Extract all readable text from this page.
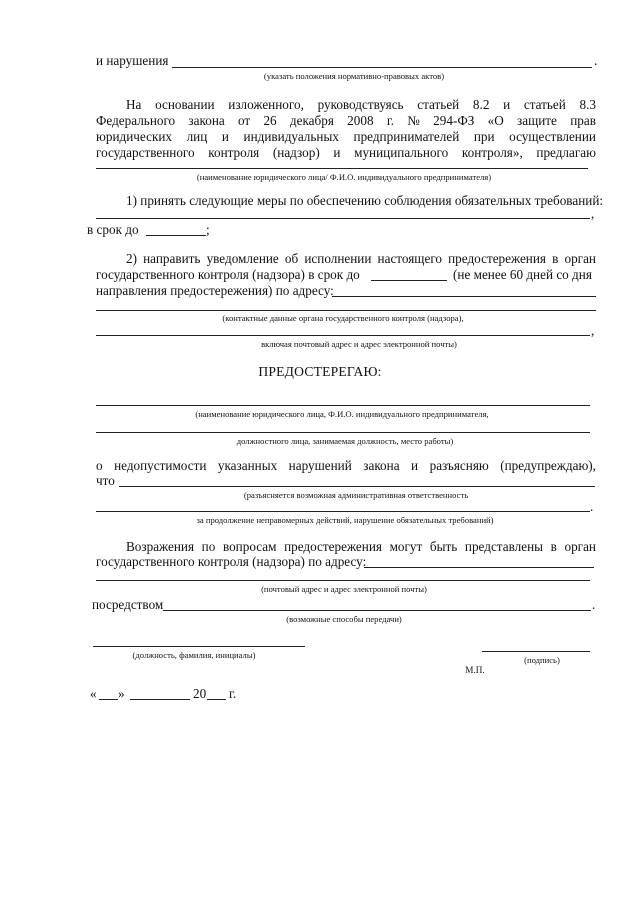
и нарушения	.
(указать положения нормативно-правовых актов)
На основании изложенного, руководствуясь статьей 8.2 и статьей 8.3
Федерального закона от 26 декабря 2008 г. № 294-ФЗ «О защите прав
юридических лиц и индивидуальных предпринимателей при осуществлении
государственного контроля (надзор) и муниципального контроля», предлагаю
(наименование юридического лица/ Ф.И.О. индивидуального предпринимателя)
1) принять следующие меры по обеспечению соблюдения обязательных требований:
,
в срок до	;
2) направить уведомление об исполнении настоящего предостережения в орган
государственного контроля (надзора) в срок до	(не менее 60 дней со дня
направления предостережения) по адресу:
(контактные данные органа государственного контроля (надзора),
,
включая почтовый адрес и адрес электронной почты)
ПРЕДОСТЕРЕГАЮ:
(наименование юридического лица, Ф.И.О. индивидуального предпринимателя,
должностного лица, занимаемая должность, место работы)
о недопустимости указанных нарушений закона и разъясняю (предупреждаю),
что
(разъясняется возможная административная ответственность
.
за продолжение неправомерных действий, нарушение обязательных требований)
Возражения по вопросам предостережения могут быть представлены в орган
государственного контроля (надзора) по адресу:
(почтовый адрес и адрес электронной почты)
посредством	.
(возможные способы передачи)
(должность, фамилия, инициалы)	(подпись)
М.П.
« »	20 г.
